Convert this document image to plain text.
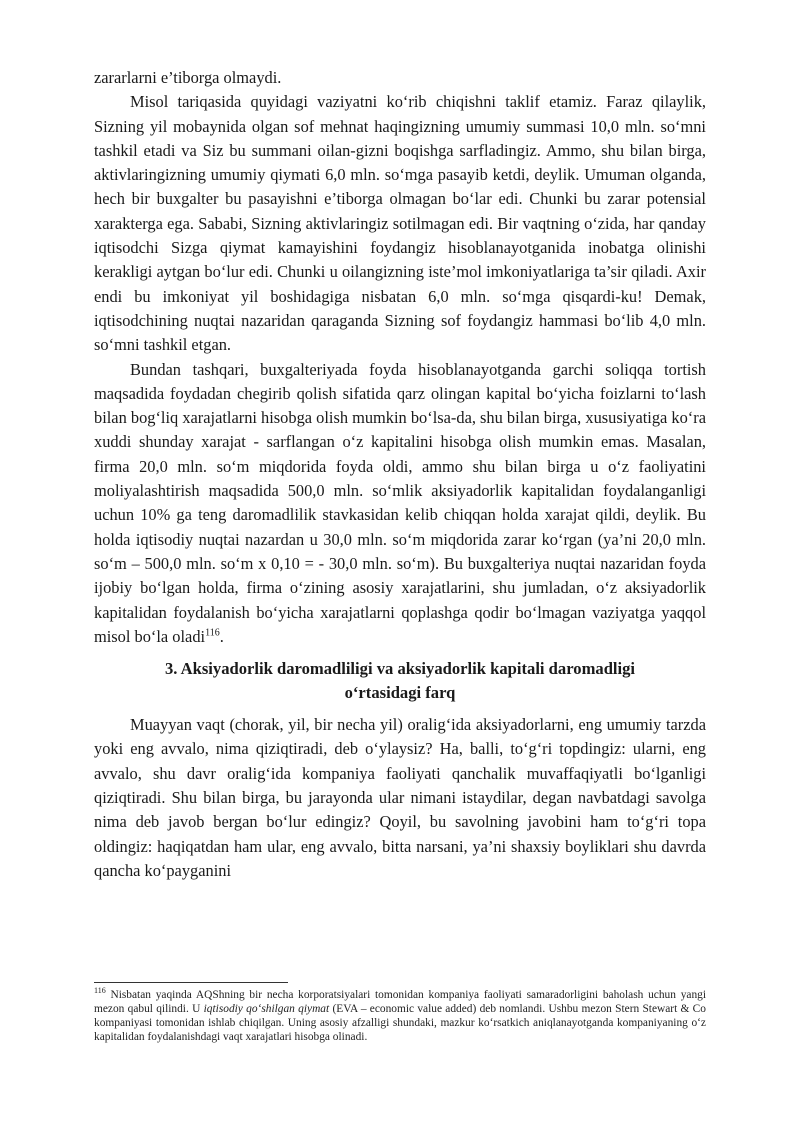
zararlarni e’tiborga olmaydi.

Misol tariqasida quyidagi vaziyatni ko‘rib chiqishni taklif etamiz. Faraz qilaylik, Sizning yil mobaynida olgan sof mehnat haqingizning umumiy summasi 10,0 mln. so‘mni tashkil etadi va Siz bu summani oilan-gizni boqishga sarfladingiz. Ammo, shu bilan birga, aktivlaringizning umumiy qiymati 6,0 mln. so‘mga pasayib ketdi, deylik. Umuman olganda, hech bir buxgalter bu pasayishni e’tiborga olmagan bo‘lar edi. Chunki bu zarar potensial xarakterga ega. Sababi, Sizning aktivlaringiz sotilmagan edi. Bir vaqtning o‘zida, har qanday iqtisodchi Sizga qiymat kamayishini foydangiz hisoblanayotganida inobatga olinishi kerakligi aytgan bo‘lur edi. Chunki u oilangizning iste’mol imkoniyatlariga ta’sir qiladi. Axir endi bu imkoniyat yil boshidagiga nisbatan 6,0 mln. so‘mga qisqardi-ku! Demak, iqtisodchining nuqtai nazaridan qaraganda Sizning sof foydangiz hammasi bo‘lib 4,0 mln. so‘mni tashkil etgan.

Bundan tashqari, buxgalteriyada foyda hisoblanayotganda garchi soliqqa tortish maqsadida foydadan chegirib qolish sifatida qarz olingan kapital bo‘yicha foizlarni to‘lash bilan bog‘liq xarajatlarni hisobga olish mumkin bo‘lsa-da, shu bilan birga, xususiyatiga ko‘ra xuddi shunday xarajat - sarflangan o‘z kapitalini hisobga olish mumkin emas. Masalan, firma 20,0 mln. so‘m miqdorida foyda oldi, ammo shu bilan birga u o‘z faoliyatini moliyalashtirish maqsadida 500,0 mln. so‘mlik aksiyadorlik kapitalidan foydalanganligi uchun 10% ga teng daromadlilik stavkasidan kelib chiqqan holda xarajat qildi, deylik. Bu holda iqtisodiy nuqtai nazardan u 30,0 mln. so‘m miqdorida zarar ko‘rgan (ya’ni 20,0 mln. so‘m – 500,0 mln. so‘m x 0,10 = - 30,0 mln. so‘m). Bu buxgalteriya nuqtai nazaridan foyda ijobiy bo‘lgan holda, firma o‘zining asosiy xarajatlarini, shu jumladan, o‘z aksiyadorlik kapitalidan foydalanish bo‘yicha xarajatlarni qoplashga qodir bo‘lmagan vaziyatga yaqqol misol bo‘la oladi$^{116}$.

3. Aksiyadorlik daromadliligi va aksiyadorlik kapitali daromadligi
o‘rtasidagi farq

Muayyan vaqt (chorak, yil, bir necha yil) oralig‘ida aksiyadorlarni, eng umumiy tarzda yoki eng avvalo, nima qiziqtiradi, deb o‘ylaysiz? Ha, balli, to‘g‘ri topdingiz: ularni, eng avvalo, shu davr oralig‘ida kompaniya faoliyati qanchalik muvaffaqiyatli bo‘lganligi qiziqtiradi. Shu bilan birga, bu jarayonda ular nimani istaydilar, degan navbatdagi savolga nima deb javob bergan bo‘lur edingiz? Qoyil, bu savolning javobini ham to‘g‘ri topa oldingiz: haqiqatdan ham ular, eng avvalo, bitta narsani, ya’ni shaxsiy boyliklari shu davrda qancha ko‘payganini

$^{116}$ Nisbatan yaqinda AQShning bir necha korporatsiyalari tomonidan kompaniya faoliyati samaradorligini baholash uchun yangi mezon qabul qilindi. U iqtisodiy qo‘shilgan qiymat (EVA – economic value added) deb nomlandi. Ushbu mezon Stern Stewart & Co kompaniyasi tomonidan ishlab chiqilgan. Uning asosiy afzalligi shundaki, mazkur ko‘rsatkich aniqlanayotganda kompaniyaning o‘z kapitalidan foydalanishdagi vaqt xarajatlari hisobga olinadi.
